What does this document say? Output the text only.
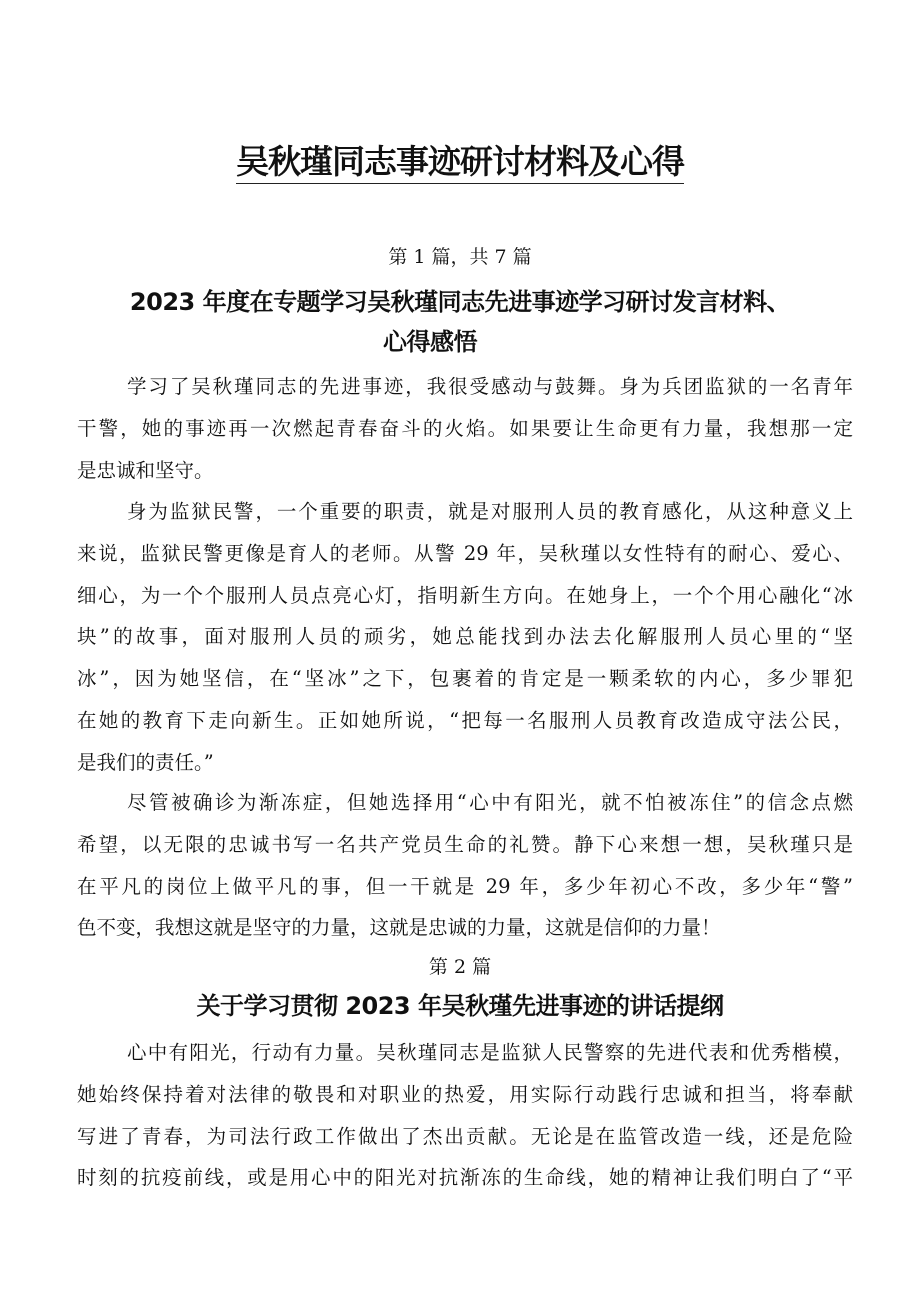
吴秋瑾同志事迹研讨材料及心得

第 1 篇，共 7 篇

2023 年度在专题学习吴秋瑾同志先进事迹学习研讨发言材料、
心得感悟
学习了吴秋瑾同志的先进事迹，我很受感动与鼓舞。身为兵团监狱的一名青年
干警，她的事迹再一次燃起青春奋斗的火焰。如果要让生命更有力量，我想那一定
是忠诚和坚守。
身为监狱民警，一个重要的职责，就是对服刑人员的教育感化，从这种意义上
来说，监狱民警更像是育人的老师。从警 29 年，吴秋瑾以女性特有的耐心、爱心、
细心，为一个个服刑人员点亮心灯，指明新生方向。在她身上，一个个用心融化“冰
块”的故事，面对服刑人员的顽劣，她总能找到办法去化解服刑人员心里的“坚
冰”，因为她坚信，在“坚冰”之下，包裹着的肯定是一颗柔软的内心，多少罪犯
在她的教育下走向新生。正如她所说，“把每一名服刑人员教育改造成守法公民，
是我们的责任。”
尽管被确诊为渐冻症，但她选择用“心中有阳光，就不怕被冻住”的信念点燃
希望，以无限的忠诚书写一名共产党员生命的礼赞。静下心来想一想，吴秋瑾只是
在平凡的岗位上做平凡的事，但一干就是 29 年，多少年初心不改，多少年“警”
色不变，我想这就是坚守的力量，这就是忠诚的力量，这就是信仰的力量！

第 2 篇

关于学习贯彻 2023 年吴秋瑾先进事迹的讲话提纲
心中有阳光，行动有力量。吴秋瑾同志是监狱人民警察的先进代表和优秀楷模，
她始终保持着对法律的敬畏和对职业的热爱，用实际行动践行忠诚和担当，将奉献
写进了青春，为司法行政工作做出了杰出贡献。无论是在监管改造一线，还是危险
时刻的抗疫前线，或是用心中的阳光对抗渐冻的生命线，她的精神让我们明白了“平
